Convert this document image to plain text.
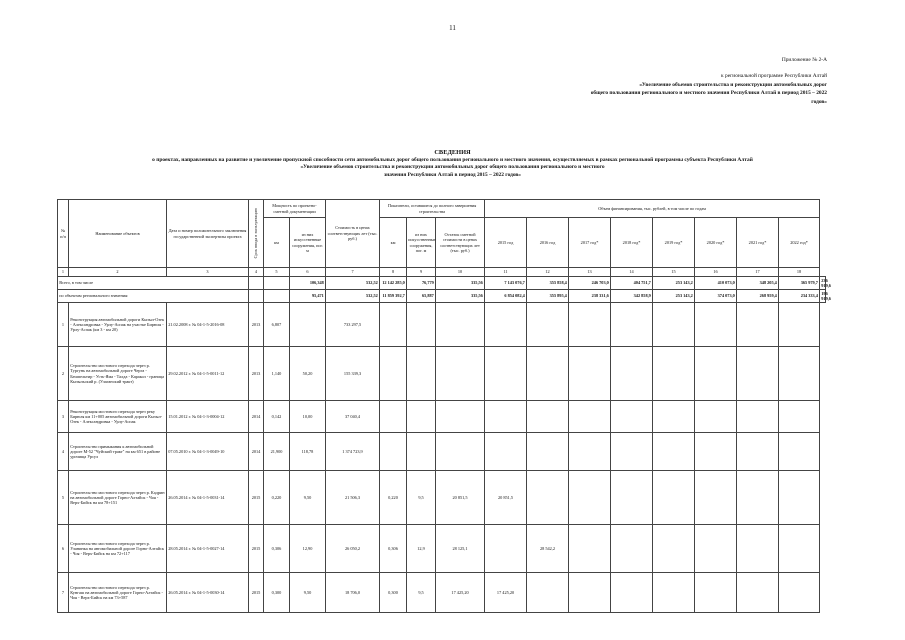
11
Приложение № 2-А
к региональной программе Республики Алтай
«Увеличение объемов строительства и реконструкции автомобильных дорог
общего пользования регионального и местного значения Республики Алтай в период 2015 – 2022
годов»
СВЕДЕНИЯ
о проектах, направленных на развитие и увеличение пропускной способности сети автомобильных дорог общего пользования регионального и местного значения, осуществляемых в рамках региональной программы субъекта Республики Алтай
«Увеличение объемов строительства и реконструкции автомобильных дорог общего пользования регионального и местного
значения Республики Алтай в период 2015 – 2022 годов»
№ п/п	Наименование объектов	Дата и номер положительного заключения государственной экспертизы проекта	Срок ввода в эксплуатацию	Мощность по проектно-сметной документации		Стоимость в ценах соответствующих лет (тыс. руб.)	Показатели, оставшиеся до полного завершения строительства			Объем финансирования, тыс. рублей, в том числе по годам								
				км	из них искусственные сооружения, пог. м		км	из них искусственные сооружения, пог. м	Остаток сметной стоимости в ценах соответствующих лет (тыс. руб.)	2015 год	2016 год	2017 год*	2018 год*	2019 год*	2020 год*	2021 год*	2022 год*	
1	2	3	4	5	6	7	8	9	10	11	12	13	14	15	16	17	18	
Всего, в том числе					106,348	532,52	12 142 285,0	76,779	335,56	7 143 076,7	355 858,4	246 703,0	404 751,7	253 143,2	410 073,0	348 205,4	365 979,7	236 919,6
по объектам регионального значения:					95,471	532,52	11 859 392,7	65,887	335,56	6 854 082,4	355 895,4	238 331,6	342 858,9	253 143,2	374 073,0	268 959,4	234 333,4	196 919,6
1	Реконструкция автомобильной дороги Кызыл-Озек - Александровка - Урлу-Аспак на участке Бирюля - Урлу-Аспак (км 3 - км 20)	21.02.2008 г. № 04-1-5-2016-08	2013	6,807		733 297,5												
2	Строительство мостового перехода через р. Тургунь на автомобильной дороге Черга - Бешпельтир - Усть-Яма - Талда - Каракол - граница Кызыльский р. (Улаганский тракт)	29.02.2012 г. № 04-1-5-0011-12	2013	1,140	50,20	155 339,3												
3	Реконструкция мостового перехода через реку Бирюля км 11+005 автомобильной дороги Кызыл-Озек - Александровка - Урлу-Аспак	15.01.2012 г. № 04-1-3-0004-12	2014	0,142	10,00	37 040,4												
4	Строительство примыкания к автомобильной дороге М-52 "Чуйский тракт" на км 651 в районе урочища Урсул	07.05.2010 г. № 04-1-3-0049-10	2014	21,900	118,78	1 374 723,9												
5	Строительство мостового перехода через р. Кадрин на автомобильной дороге Горно-Алтайск - Чоя - Верх-Бийск на км 78+151	26.05.2014 г. № 04-1-5-0031-14	2015	0,220	9,50	21 506,3	0,220	9,5	20 851,5	20 851,5								
6	Строительство мостового перехода через р. Уланинка на автомобильной дороге Горно-Алтайск - Чоя - Верх-Бийск на км 72+117	28.05.2014 г. № 04-1-5-0027-14	2015	0,306	12,90	26 050,2	0,306	12,9	28 125,1		28 542,2							
7	Строительство мостового перехода через р. Кунгаш на автомобильной дороге Горно-Алтайск - Чоя - Верх-Бийск на км 73+587	26.05.2014 г. № 04-1-5-0030-14	2015	0,300	9,50	18 706,0	0,300	9,5	17 425,20	17 425,20								
